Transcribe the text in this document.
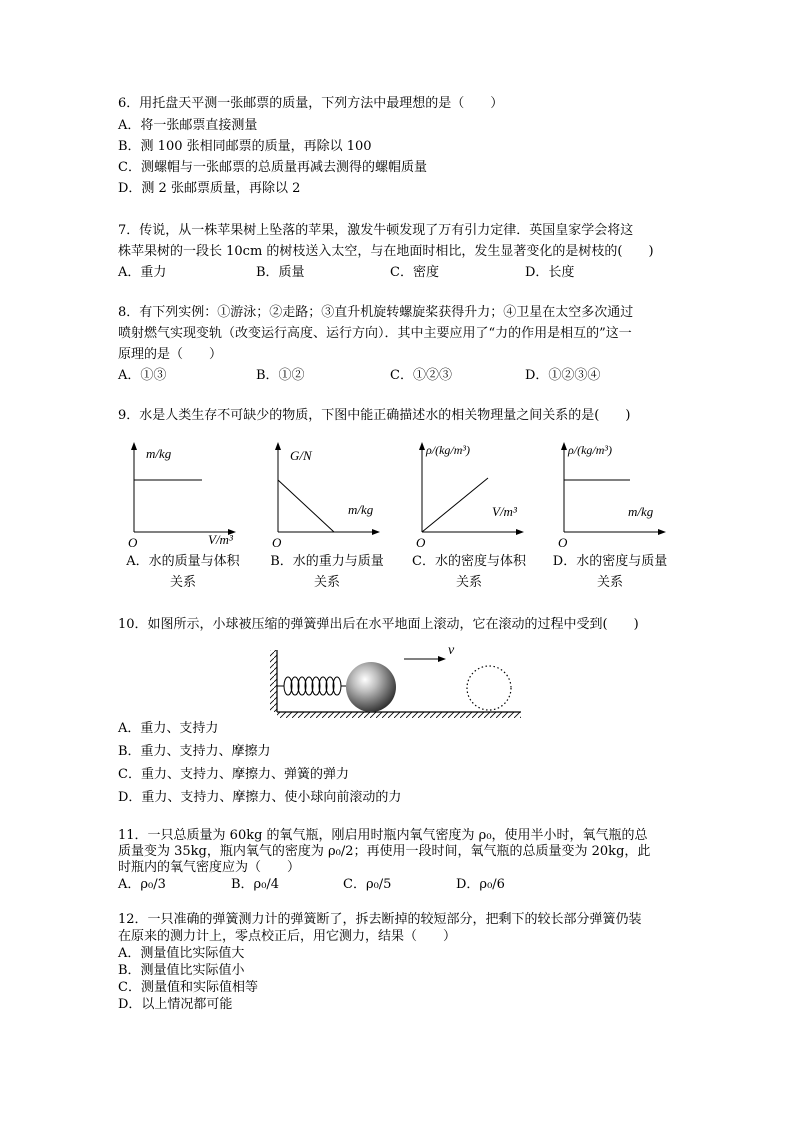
6．用托盘天平测一张邮票的质量，下列方法中最理想的是（　　）
A．将一张邮票直接测量
B．测 100 张相同邮票的质量，再除以 100
C．测螺帽与一张邮票的总质量再减去测得的螺帽质量
D．测 2 张邮票质量，再除以 2
7．传说，从一株苹果树上坠落的苹果，激发牛顿发现了万有引力定律．英国皇家学会将这
株苹果树的一段长 10cm 的树枝送入太空，与在地面时相比，发生显著变化的是树枝的(　　)
A．重力	B．质量	C．密度	D．长度
8．有下列实例：①游泳；②走路；③直升机旋转螺旋桨获得升力；④卫星在太空多次通过
喷射燃气实现变轨（改变运行高度、运行方向）．其中主要应用了“力的作用是相互的”这一
原理的是（　　）
A．①③	B．①②	C．①②③	D．①②③④
9．水是人类生存不可缺少的物质，下图中能正确描述水的相关物理量之间关系的是(　　)
m/kg
V/m³
O
G/N
m/kg
O
ρ/(kg/m³)
V/m³
O
ρ/(kg/m³)
m/kg
O
A．水的质量与体积
关系
B．水的重力与质量
关系
C．水的密度与体积
关系
D．水的密度与质量
关系
10．如图所示，小球被压缩的弹簧弹出后在水平地面上滚动，它在滚动的过程中受到(　　)
v
A．重力、支持力
B．重力、支持力、摩擦力
C．重力、支持力、摩擦力、弹簧的弹力
D．重力、支持力、摩擦力、使小球向前滚动的力
11．一只总质量为 60kg 的氧气瓶，刚启用时瓶内氧气密度为 ρ₀，使用半小时，氧气瓶的总
质量变为 35kg，瓶内氧气的密度为 ρ₀/2；再使用一段时间，氧气瓶的总质量变为 20kg，此
时瓶内的氧气密度应为（　　）
A．ρ₀/3	B．ρ₀/4	C．ρ₀/5	D．ρ₀/6
12．一只准确的弹簧测力计的弹簧断了，拆去断掉的较短部分，把剩下的较长部分弹簧仍装
在原来的测力计上，零点校正后，用它测力，结果（　　）
A．测量值比实际值大
B．测量值比实际值小
C．测量值和实际值相等
D．以上情况都可能
